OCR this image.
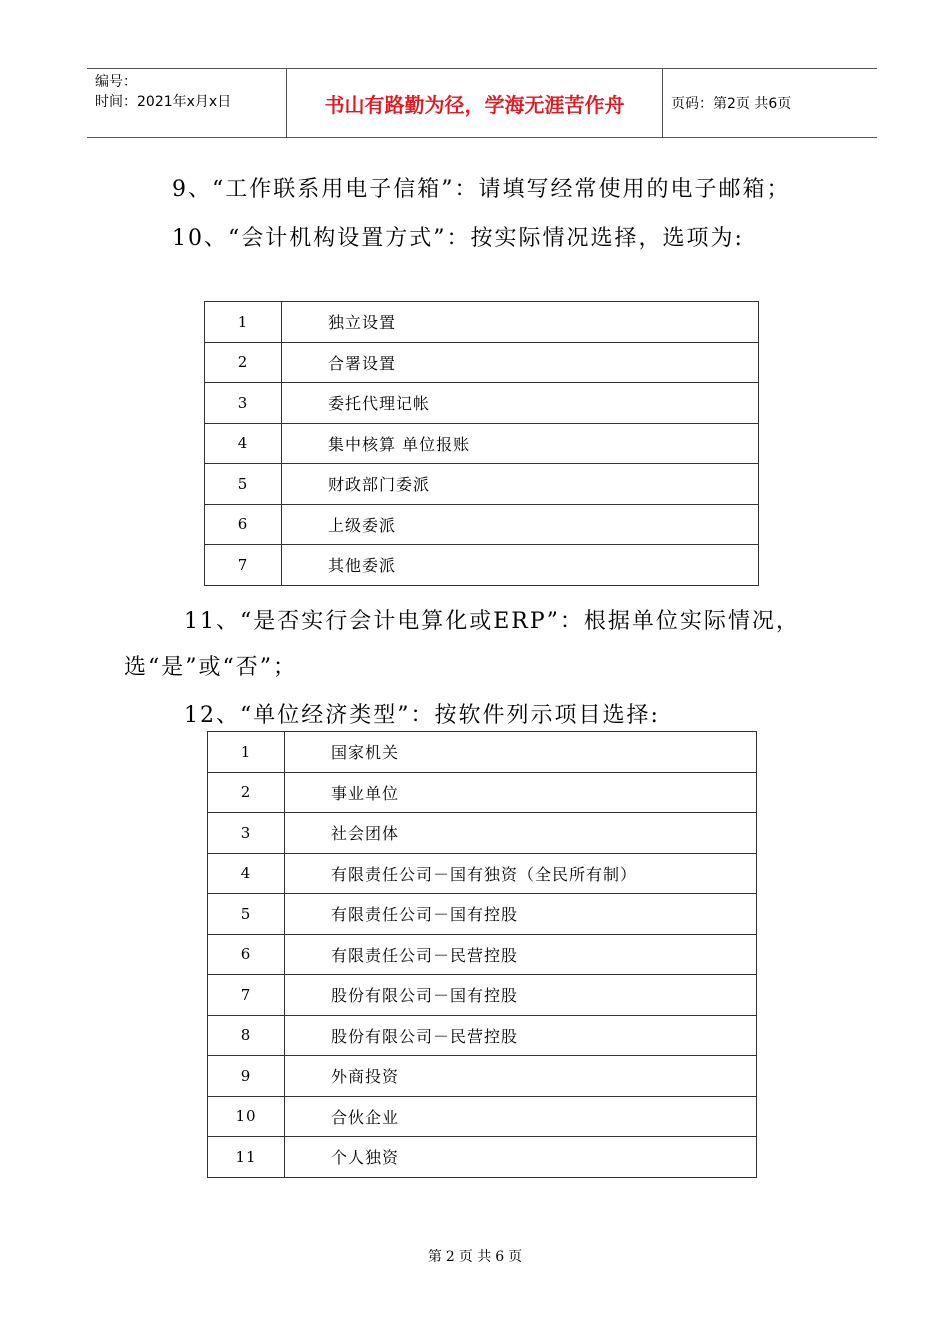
编号：
时间：2021年x月x日	书山有路勤为径，学海无涯苦作舟	页码：第2页 共6页
9、“工作联系用电子信箱”：请填写经常使用的电子邮箱；
10、“会计机构设置方式”：按实际情况选择，选项为:
1	独立设置
2	合署设置
3	委托代理记帐
4	集中核算 单位报账
5	财政部门委派
6	上级委派
7	其他委派
11、“是否实行会计电算化或ERP”：根据单位实际情况，
选“是”或“否”；
12、“单位经济类型”：按软件列示项目选择:
1	国家机关
2	事业单位
3	社会团体
4	有限责任公司－国有独资（全民所有制）
5	有限责任公司－国有控股
6	有限责任公司－民营控股
7	股份有限公司－国有控股
8	股份有限公司－民营控股
9	外商投资
10	合伙企业
11	个人独资
第 2 页 共 6 页
